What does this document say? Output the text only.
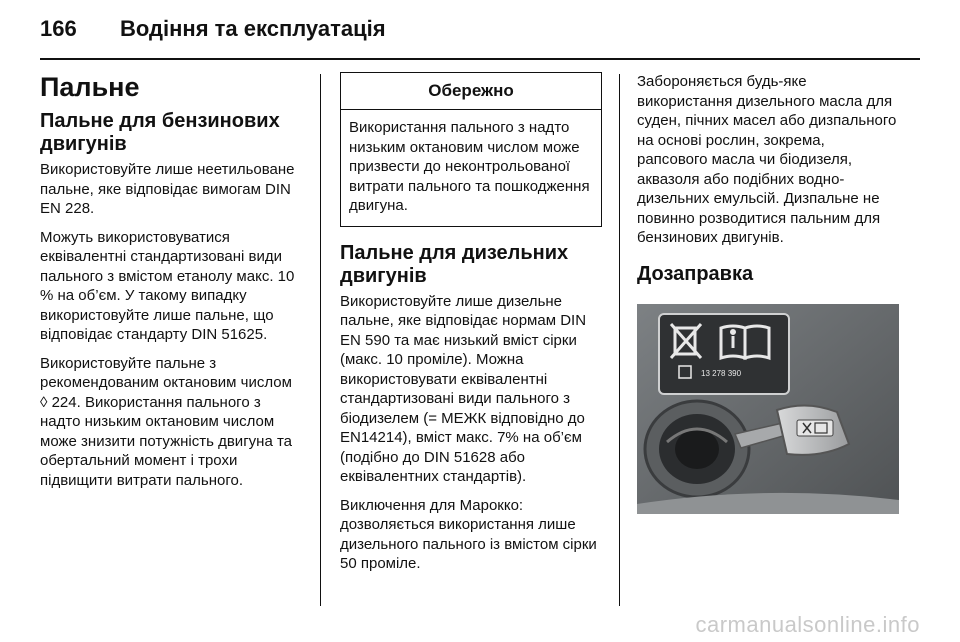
166 Водіння та експлуатація
Пальне
Пальне для бензинових двигунів

Використовуйте лише нeетильоване пальне, яке відповідає вимогам DIN EN 228.

Можуть використовуватися еквівалентні стандартизовані види пального з вмістом етанолу макс. 10 % на об’єм. У такому випадку використовуйте лише пальне, що відповідає стандарту DIN 51625.

Використовуйте пальне з рекомендованим октановим числом ◊ 224. Використання пального з надто низьким октановим числом може знизити потужність двигуна та обертальний момент і трохи підвищити витрати пального.

Обережно
Використання пального з надто низьким октановим числом може призвести до неконтрольованої витрати пального та пошкодження двигуна.
Пальне для дизельних двигунів

Використовуйте лише дизельне пальне, яке відповідає нормам DIN EN 590 та має низький вміст сірки (макс. 10 проміле). Можна використовувати еквівалентні стандартизовані види пального з біодизелем (= МЕЖК відповідно до EN14214), вміст макс. 7% на об’єм (подібно до DIN 51628 або еквівалентних стандартів).

Виключення для Марокко: дозволяється використання лише дизельного пального із вмістом сірки 50 проміле.

Забороняється будь-яке використання дизельного масла для суден, пічних масел або дизпального на основі рослин, зокрема, рапсового масла чи біодизеля, аквазоля або подібних водно-дизельних емульсій. Дизпальне не повинно розводитися пальним для бензинових двигунів.

Дозаправка
13 278 390
carmanualsonline.info
